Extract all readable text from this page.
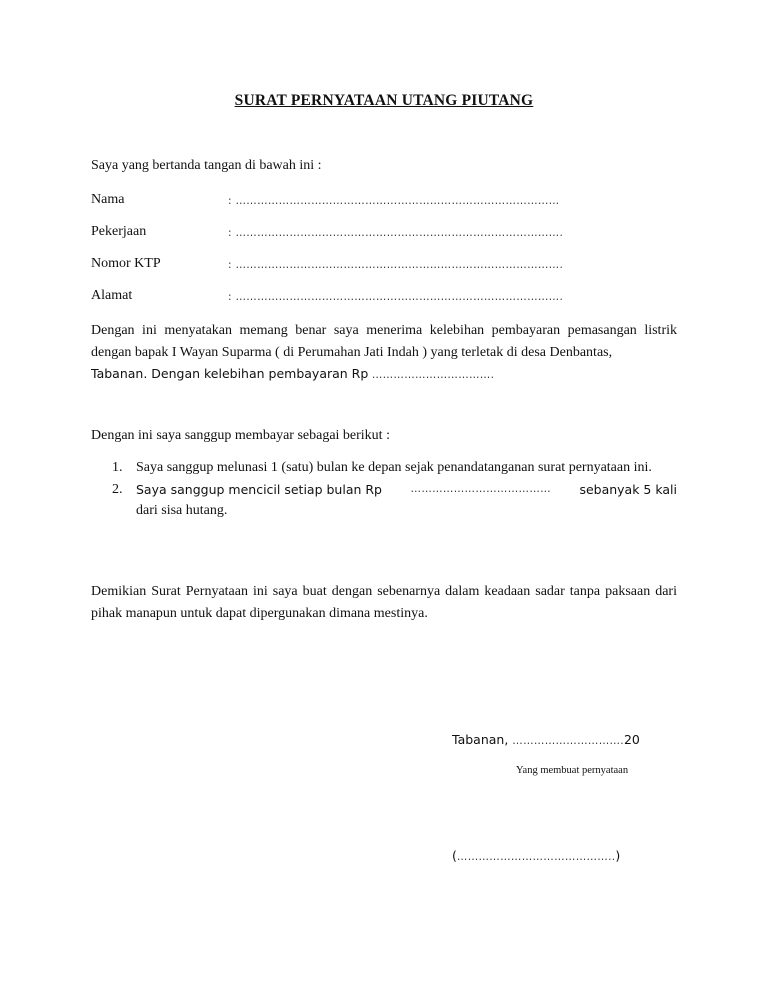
SURAT PERNYATAAN UTANG PIUTANG
Saya yang bertanda tangan di bawah ini :
Nama	: ………………………………………………………………………………
Pekerjaan	: ……………………………………………………………………………….
Nomor KTP	: ……………………………………………………………………………….
Alamat	: ……………………………………………………………………………….
Dengan ini menyatakan memang benar saya menerima kelebihan pembayaran pemasangan listrik dengan bapak I Wayan Suparma ( di Perumahan Jati Indah ) yang terletak di desa Denbantas,
Tabanan. Dengan kelebihan pembayaran Rp …………………………….
Dengan ini saya sanggup membayar sebagai berikut :
1. Saya sanggup melunasi 1 (satu) bulan ke depan sejak penandatanganan surat pernyataan ini.
2. Saya sanggup mencicil setiap bulan Rp	………………………………… sebanyak 5 kali
dari sisa hutang.
Demikian Surat Pernyataan ini saya buat dengan sebenarnya dalam keadaan sadar tanpa paksaan dari pihak manapun untuk dapat dipergunakan dimana mestinya.
Tabanan, ………………………….20
Yang membuat pernyataan
(……………………………………..)
